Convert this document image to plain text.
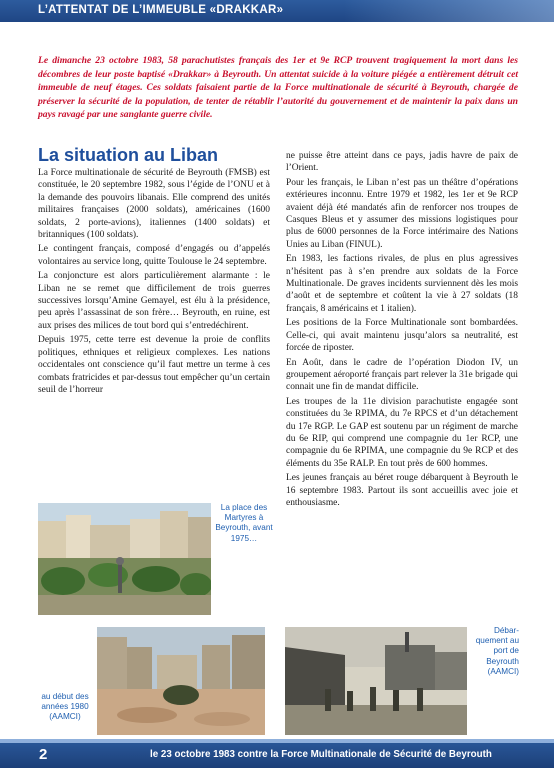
L’ATTENTAT DE L’IMMEUBLE «DRAKKAR»

Le dimanche 23 octobre 1983, 58 parachutistes français des 1er et 9e RCP trouvent tragiquement la mort dans les décombres de leur poste baptisé «Drakkar» à Beyrouth. Un attentat suicide à la voiture piégée a entièrement détruit cet immeuble de neuf étages. Ces soldats faisaient partie de la Force multinationale de sécurité à Beyrouth, chargée de préserver la sécurité de la population, de tenter de rétablir l’autorité du gouvernement et de maintenir la paix dans un pays ravagé par une sanglante guerre civile.

La situation au Liban

La Force multinationale de sécurité de Beyrouth (FMSB) est constituée, le 20 septembre 1982, sous l’égide de l’ONU et à la demande des pouvoirs libanais. Elle comprend des unités militaires françaises (2000 soldats), américaines (1600 soldats, 2 porte-avions), italiennes (1400 soldats) et britanniques (100 soldats).

Le contingent français, composé d’engagés ou d’appelés volontaires au service long, quitte Toulouse le 24 septembre.

La conjoncture est alors particulièrement alarmante : le Liban ne se remet que difficilement de trois guerres successives lorsqu’Amine Gemayel, est élu à la présidence, peu après l’assassinat de son frère… Beyrouth, en ruine, est aux prises des milices de tout bord qui s’entredéchirent.

Depuis 1975, cette terre est devenue la proie de conflits politiques, ethniques et religieux complexes. Les nations occidentales ont conscience qu’il faut mettre un terme à ces combats fratricides et par-dessus tout empêcher qu’un certain seuil de l’horreur

ne puisse être atteint dans ce pays, jadis havre de paix de l’Orient.

Pour les français, le Liban n’est pas un théâtre d’opérations extérieures inconnu. Entre 1979 et 1982, les 1er et 9e RCP avaient déjà été mandatés afin de renforcer nos troupes de Casques Bleus et y assumer des missions logistiques pour plus de 6000 personnes de la Force intérimaire des Nations Unies au Liban (FINUL).

En 1983, les factions rivales, de plus en plus agressives n’hésitent pas à s’en prendre aux soldats de la Force Multinationale. De graves incidents surviennent dès les mois d’août et de septembre et coûtent la vie à 27 soldats (18 français, 8 américains et 1 italien).

Les positions de la Force Multinationale sont bombardées. Celle-ci, qui avait maintenu jusqu’alors sa neutralité, est forcée de riposter.

En Août, dans le cadre de l’opération Diodon IV, un groupement aéroporté français part relever la 31e brigade qui connait une fin de mandat difficile.

Les troupes de la 11e division parachutiste engagée sont constituées du 3e RPIMA, du 7e RPCS et d’un détachement du 17e RGP. Le GAP est soutenu par un régiment de marche du 6e RIP, qui comprend une compagnie du 1er RCP, une compagnie du 6e RPIMA, une compagnie du 9e RCP et des éléments du 35e RALP. En tout près de 600 hommes.

Les jeunes français au béret rouge débarquent à Beyrouth le 16 septembre 1983. Partout ils sont accueillis avec joie et enthousiasme.

La place des Martyres à Beyrouth, avant 1975…
au début des années 1980 (AAMCI)
Débar- quement au port de Beyrouth (AAMCI)
2	le 23 octobre 1983 contre la Force Multinationale de Sécurité de Beyrouth
